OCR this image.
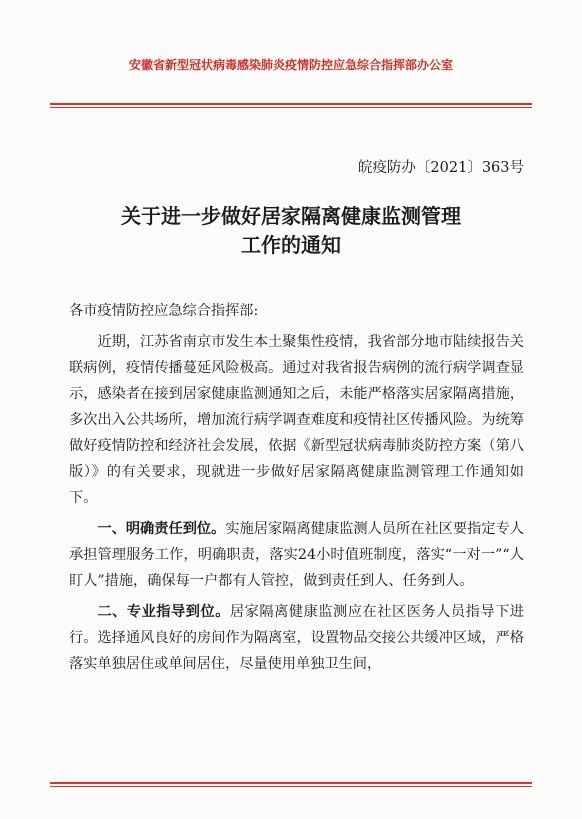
安徽省新型冠状病毒感染肺炎疫情防控应急综合指挥部办公室
皖疫防办〔2021〕363号
关于进一步做好居家隔离健康监测管理
工作的通知
各市疫情防控应急综合指挥部:
近期，江苏省南京市发生本土聚集性疫情，我省部分地市陆续报告关联病例，疫情传播蔓延风险极高。通过对我省报告病例的流行病学调查显示，感染者在接到居家健康监测通知之后，未能严格落实居家隔离措施，多次出入公共场所，增加流行病学调查难度和疫情社区传播风险。为统筹做好疫情防控和经济社会发展，依据《新型冠状病毒肺炎防控方案（第八版）》的有关要求，现就进一步做好居家隔离健康监测管理工作通知如下。
一、明确责任到位。实施居家隔离健康监测人员所在社区要指定专人承担管理服务工作，明确职责，落实24小时值班制度，落实“一对一”“人盯人”措施，确保每一户都有人管控，做到责任到人、任务到人。
二、专业指导到位。居家隔离健康监测应在社区医务人员指导下进行。选择通风良好的房间作为隔离室，设置物品交接公共缓冲区域，严格落实单独居住或单间居住，尽量使用单独卫生间，
